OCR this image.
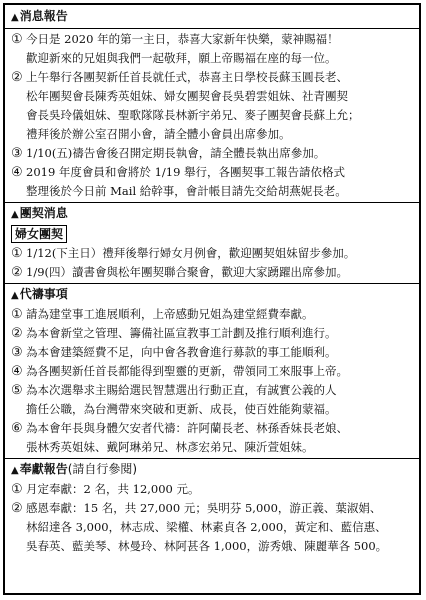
▲消息報告
① 今日是 2020 年的第一主日，恭喜大家新年快樂，蒙神賜福！
歡迎新來的兄姐與我們一起敬拜，願上帝賜福在座的每一位。
② 上午舉行各團契新任首長就任式，恭喜主日學校長蘇玉圓長老、
松年團契會長陳秀英姐妹、婦女團契會長吳碧雲姐妹、社青團契
會長吳玲儀姐妹、聖歌隊隊長林新宇弟兄、麥子團契會長蘇上允；
禮拜後於辦公室召開小會，請全體小會員出席參加。
③ 1/10(五)禱告會後召開定期長執會，請全體長執出席參加。
④ 2019 年度會員和會將於 1/19 舉行，各團契事工報告請依格式
整理後於今日前 Mail 給幹事，會計帳目請先交給胡燕妮長老。
▲團契消息
婦女團契
① 1/12(下主日）禮拜後舉行婦女月例會，歡迎團契姐妹留步參加。
② 1/9(四）讀書會與松年團契聯合聚會，歡迎大家踴躍出席參加。
▲代禱事項
① 請為建堂事工進展順利，上帝感動兄姐為建堂經費奉獻。
② 為本會新堂之管理、籌備社區宣教事工計劃及推行順利進行。
③ 為本會建築經費不足，向中會各教會進行募款的事工能順利。
④ 為各團契新任首長都能得到聖靈的更新，帶領同工來服事上帝。
⑤ 為本次選舉求主賜給選民智慧選出行動正直，有誠實公義的人
擔任公職，為台灣帶來突破和更新、成長，使百姓能夠蒙福。
⑥ 為本會年長與身體欠安者代禱：許阿蘭長老、林孫香妹長老娘、
張林秀英姐妹、戴阿琳弟兄、林彥宏弟兄、陳沂萱姐妹。
▲奉獻報告(請自行參閱)
① 月定奉獻：2 名，共 12,000 元。
② 感恩奉獻：15 名，共 27,000 元；吳明芬 5,000，游正義、葉淑娟、
林紹達各 3,000，林志成、梁權、林素貞各 2,000，黃定和、藍信惠、
吳春英、藍美琴、林曼玲、林阿甚各 1,000，游秀娥、陳麗華各 500。
